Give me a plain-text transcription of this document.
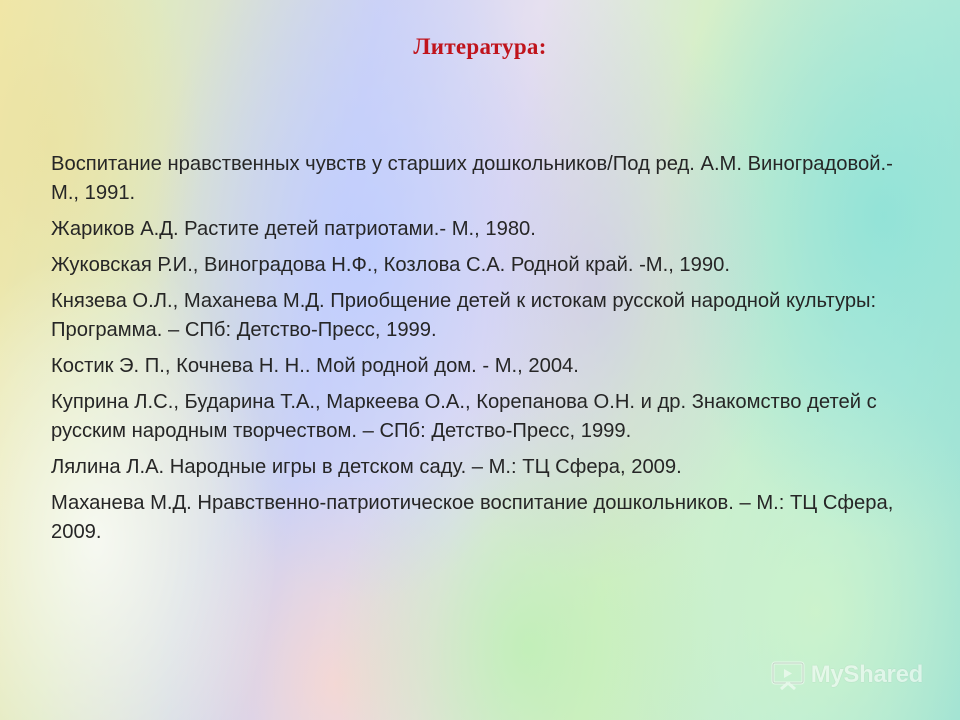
Литература:
Воспитание нравственных чувств у старших дошкольников/Под ред. А.М. Виноградовой.- М., 1991.
Жариков А.Д. Растите детей патриотами.- М., 1980.
Жуковская Р.И., Виноградова Н.Ф., Козлова С.А. Родной край. -М., 1990.
Князева О.Л., Маханева М.Д. Приобщение детей к истокам русской народной культуры: Программа. – СПб: Детство-Пресс, 1999.
Костик Э. П., Кочнева Н. Н.. Мой родной дом. - М., 2004.
Куприна Л.С., Бударина Т.А., Маркеева О.А., Корепанова О.Н. и др. Знакомство детей с русским народным творчеством. – СПб: Детство-Пресс, 1999.
Лялина Л.А. Народные игры в детском саду. – М.: ТЦ Сфера, 2009.
Маханева М.Д. Нравственно-патриотическое воспитание дошкольников. – М.: ТЦ Сфера, 2009.
MyShared
